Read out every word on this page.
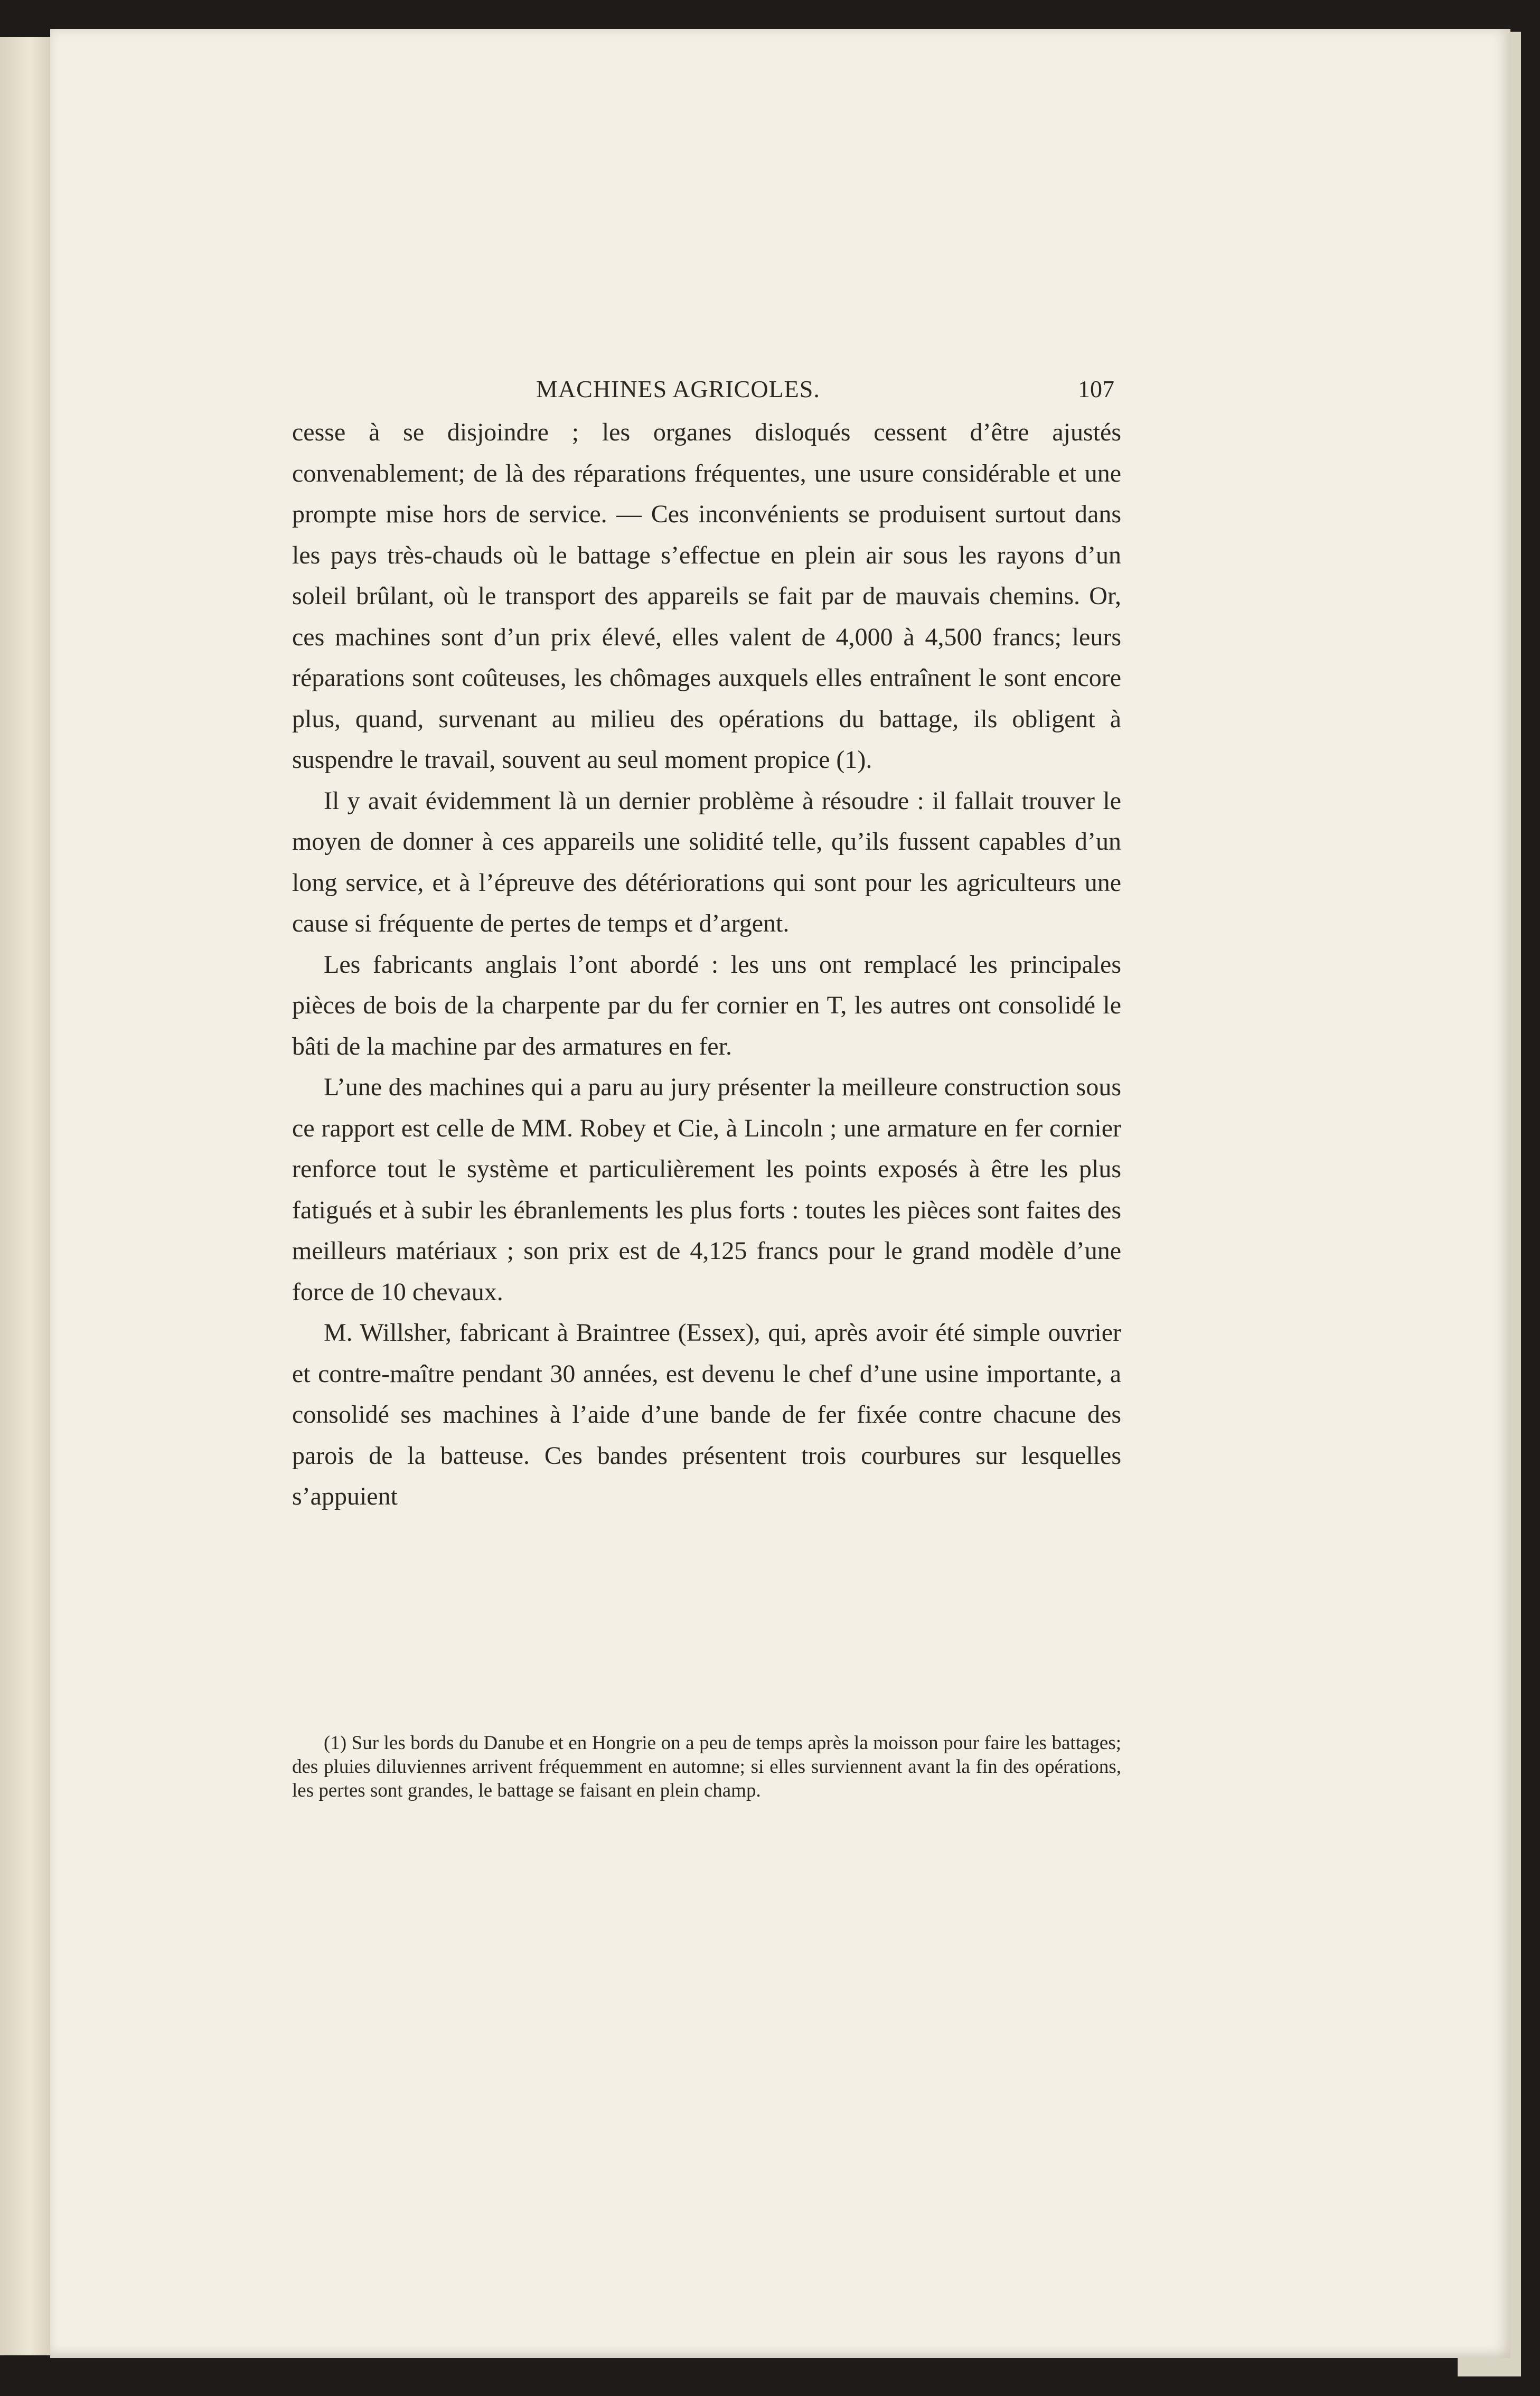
MACHINES AGRICOLES.	107

cesse à se disjoindre ; les organes disloqués cessent d’être ajustés convenablement; de là des réparations fréquentes, une usure considérable et une prompte mise hors de service. — Ces inconvénients se produisent surtout dans les pays très-chauds où le battage s’effectue en plein air sous les rayons d’un soleil brûlant, où le transport des appareils se fait par de mauvais chemins. Or, ces machines sont d’un prix élevé, elles valent de 4,000 à 4,500 francs; leurs réparations sont coûteuses, les chômages auxquels elles entraînent le sont encore plus, quand, survenant au milieu des opérations du battage, ils obligent à suspendre le travail, souvent au seul moment propice (1).

Il y avait évidemment là un dernier problème à résoudre : il fallait trouver le moyen de donner à ces appareils une solidité telle, qu’ils fussent capables d’un long service, et à l’épreuve des détériorations qui sont pour les agriculteurs une cause si fréquente de pertes de temps et d’argent.

Les fabricants anglais l’ont abordé : les uns ont remplacé les principales pièces de bois de la charpente par du fer cornier en T, les autres ont consolidé le bâti de la machine par des armatures en fer.

L’une des machines qui a paru au jury présenter la meilleure construction sous ce rapport est celle de MM. Robey et Cie, à Lincoln ; une armature en fer cornier renforce tout le système et particulièrement les points exposés à être les plus fatigués et à subir les ébranlements les plus forts : toutes les pièces sont faites des meilleurs matériaux ; son prix est de 4,125 francs pour le grand modèle d’une force de 10 chevaux.

M. Willsher, fabricant à Braintree (Essex), qui, après avoir été simple ouvrier et contre-maître pendant 30 années, est devenu le chef d’une usine importante, a consolidé ses machines à l’aide d’une bande de fer fixée contre chacune des parois de la batteuse. Ces bandes présentent trois courbures sur lesquelles s’appuient

(1) Sur les bords du Danube et en Hongrie on a peu de temps après la moisson pour faire les battages; des pluies diluviennes arrivent fréquemment en automne; si elles surviennent avant la fin des opérations, les pertes sont grandes, le battage se faisant en plein champ.
